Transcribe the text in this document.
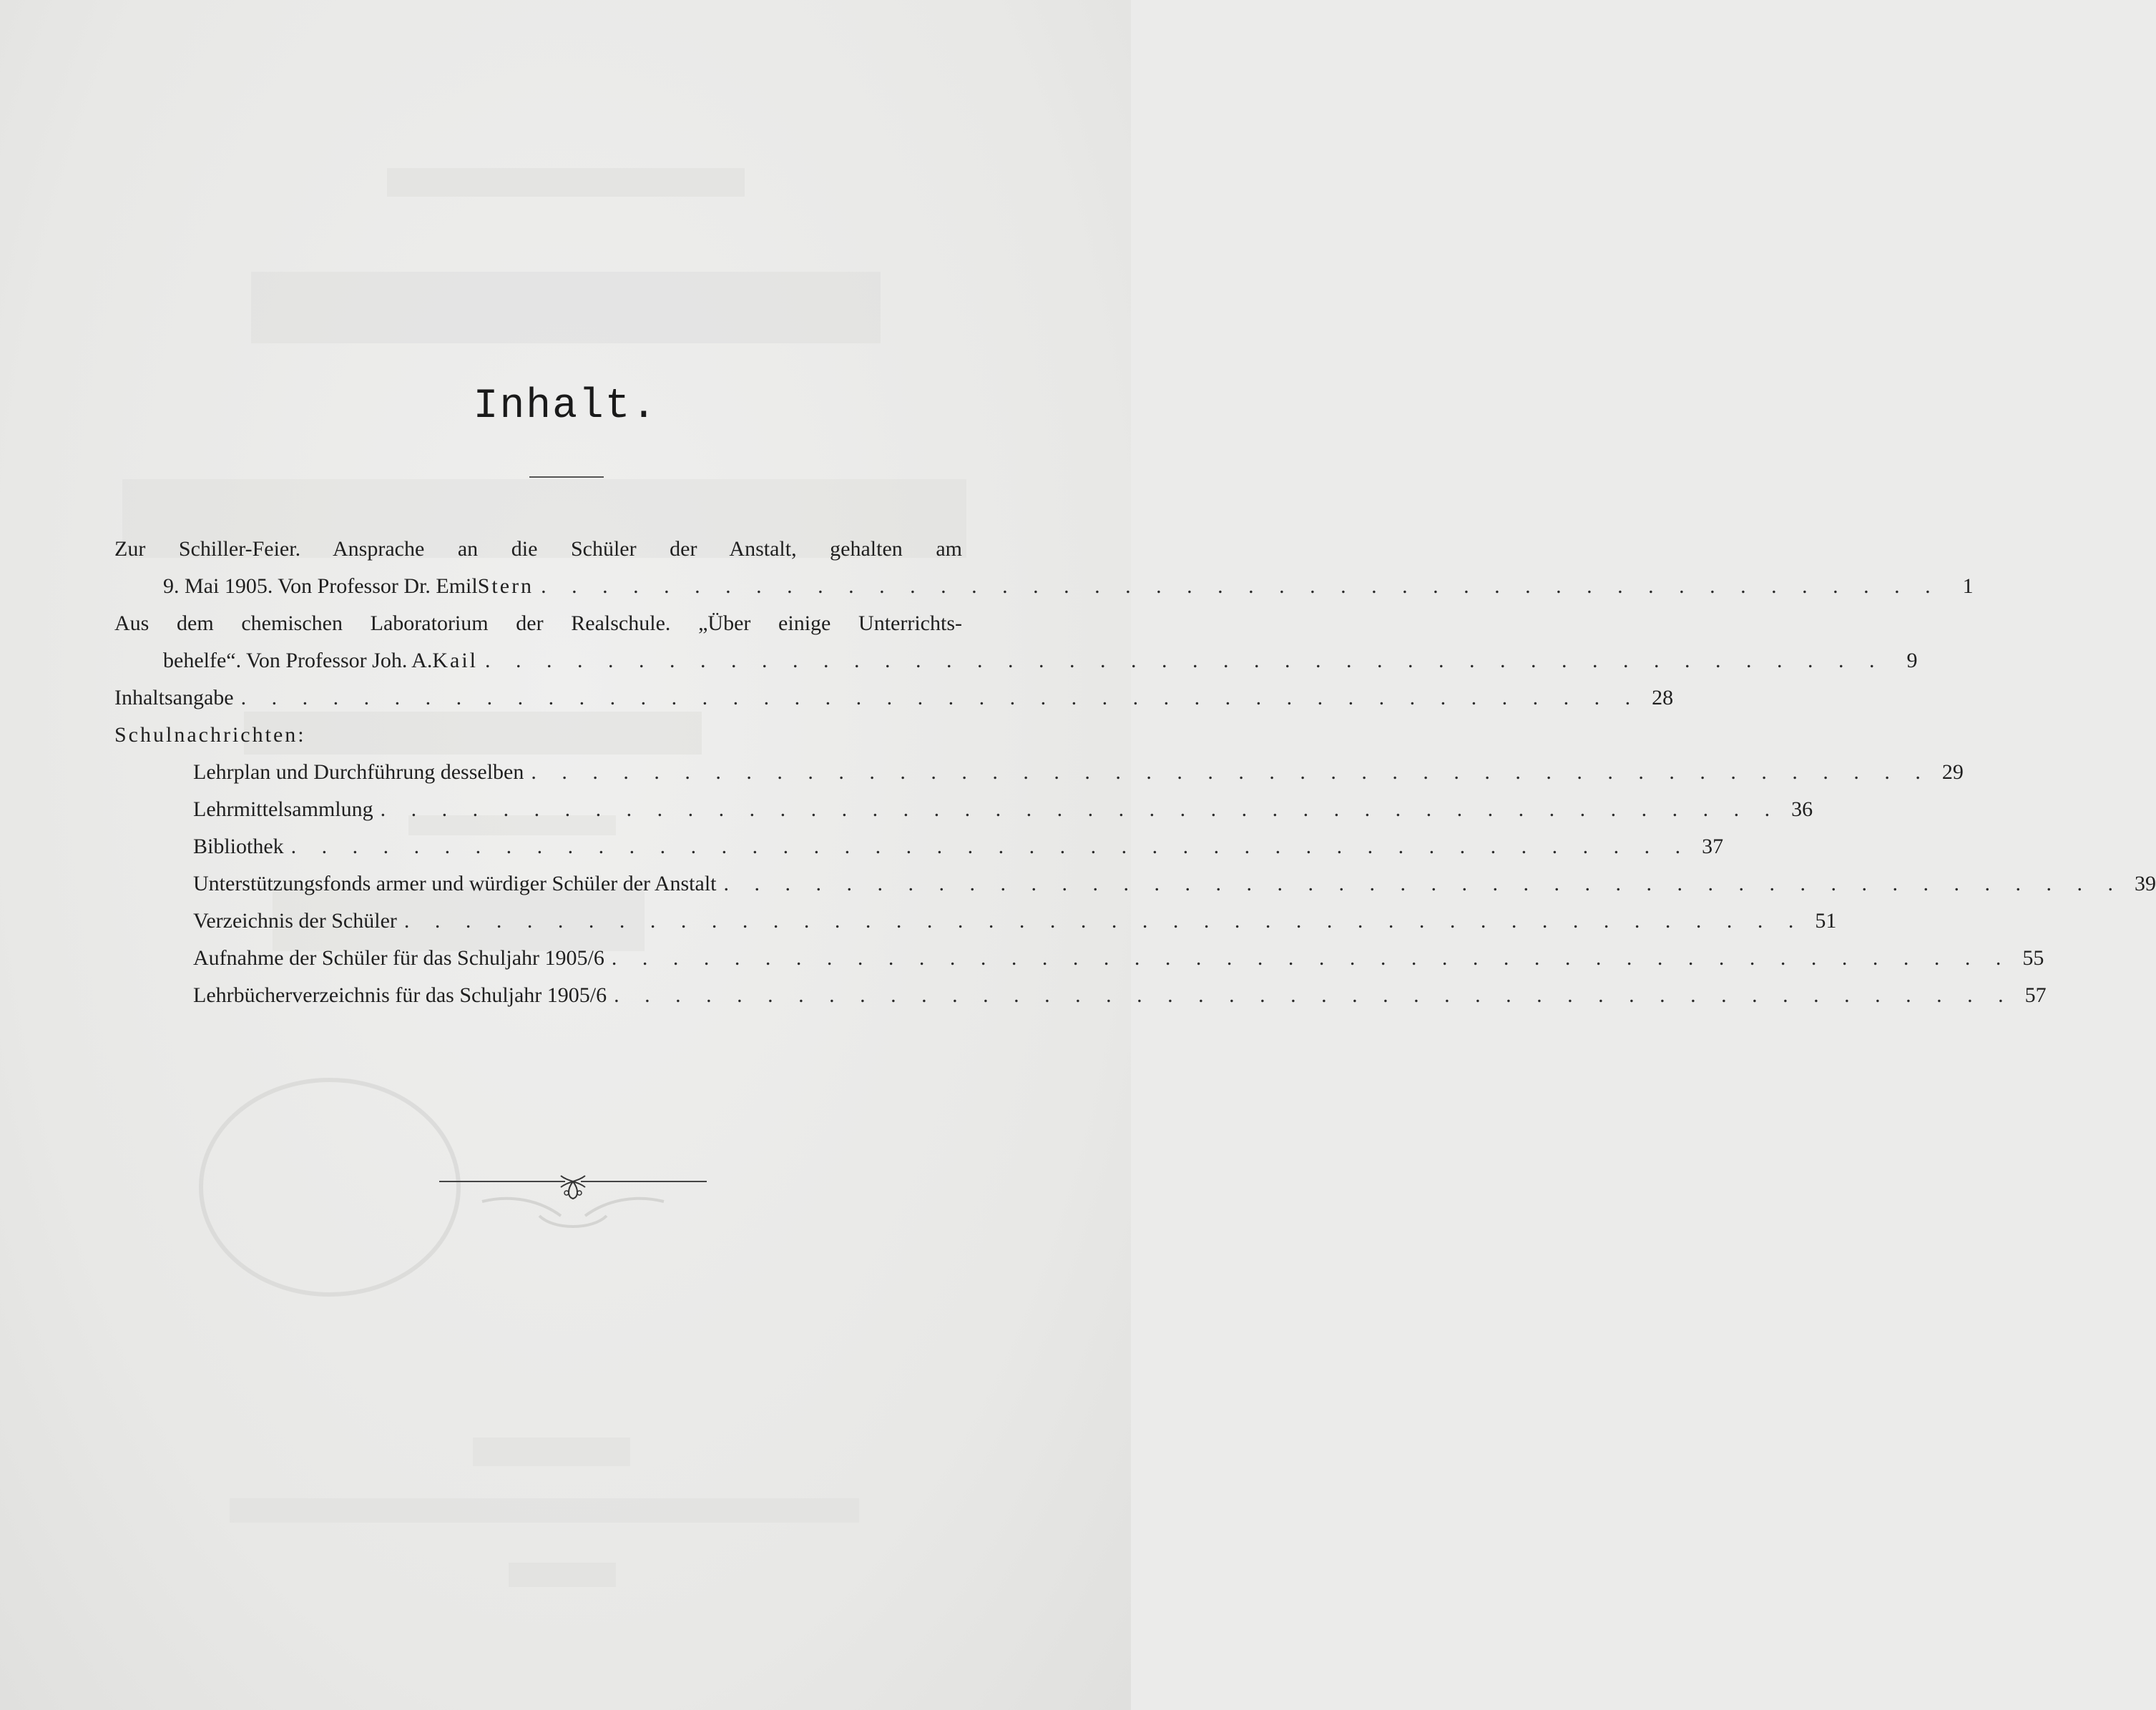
Inhalt.
Zur Schiller-Feier. Ansprache an die Schüler der Anstalt, gehalten am
9. Mai 1905. Von Professor Dr. Emil Stern . . . . . . . . . . . . . . . . . . . . . . . . . . . . . . . . . . . . . . . . . . . . . .	1
Aus dem chemischen Laboratorium der Realschule. „Über einige Unterrichts-
behelfe“. Von Professor Joh. A. Kail . . . . . . . . . . . . . . . . . . . . . . . . . . . . . . . . . . . . . . . . . . . . . .	9
Inhaltsangabe . . . . . . . . . . . . . . . . . . . . . . . . . . . . . . . . . . . . . . . . . . . . . . 28
Schulnachrichten:
Lehrplan und Durchführung desselben . . . . . . . . . . . . . . . . . . . . . . . . . . . . . . . . . . . . . . . . . . . . . . 29
Lehrmittelsammlung . . . . . . . . . . . . . . . . . . . . . . . . . . . . . . . . . . . . . . . . . . . . . . 36
Bibliothek . . . . . . . . . . . . . . . . . . . . . . . . . . . . . . . . . . . . . . . . . . . . . . 37
Unterstützungsfonds armer und würdiger Schüler der Anstalt . . . . . . . . . . . . . . . . . . . . . . . . . . . . . . . . . . . . . . . . . . . . . . 39
Verzeichnis der Schüler . . . . . . . . . . . . . . . . . . . . . . . . . . . . . . . . . . . . . . . . . . . . . . 51
Aufnahme der Schüler für das Schuljahr 1905/6 . . . . . . . . . . . . . . . . . . . . . . . . . . . . . . . . . . . . . . . . . . . . . . 55
Lehrbücherverzeichnis für das Schuljahr 1905/6 . . . . . . . . . . . . . . . . . . . . . . . . . . . . . . . . . . . . . . . . . . . . . . 57
